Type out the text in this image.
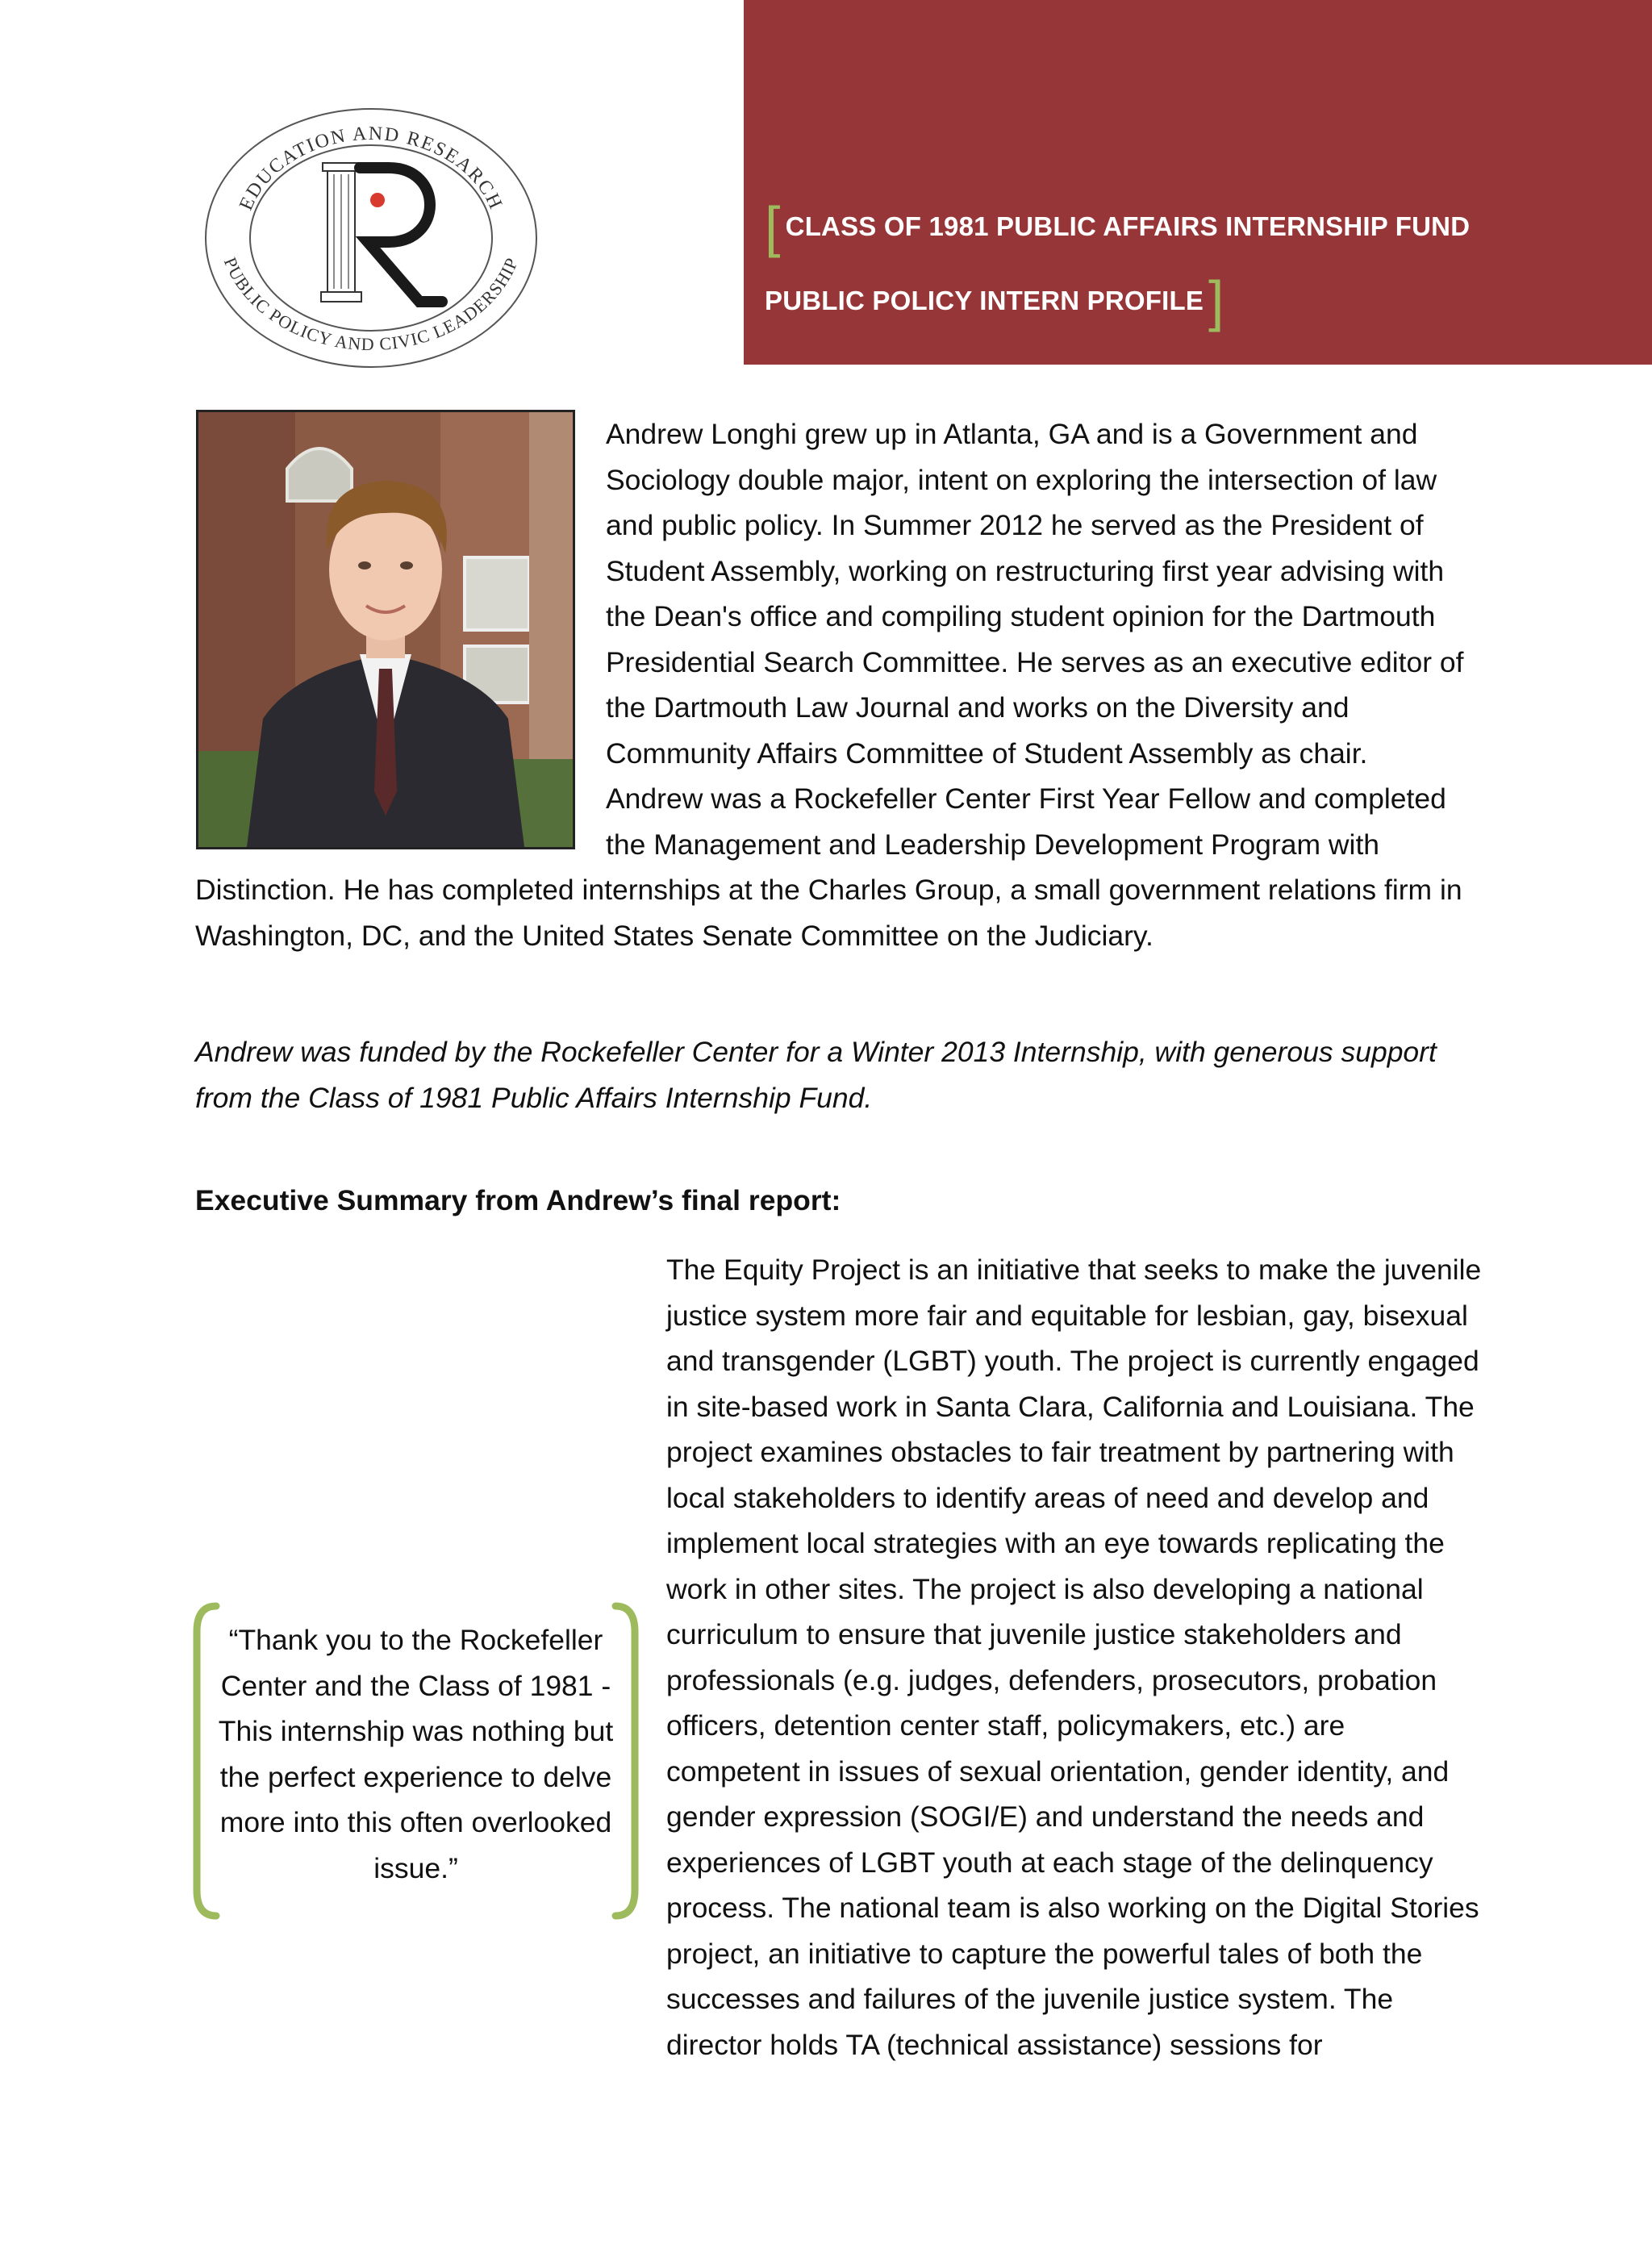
EDUCATION AND RESEARCH
PUBLIC POLICY AND CIVIC LEADERSHIP
[ CLASS OF 1981 PUBLIC AFFAIRS INTERNSHIP FUND
PUBLIC POLICY INTERN PROFILE ]

Andrew Longhi grew up in Atlanta, GA and is a Government and Sociology double major, intent on exploring the intersection of law and public policy. In Summer 2012 he served as the President of Student Assembly, working on restructuring first year advising with the Dean's office and compiling student opinion for the Dartmouth Presidential Search Committee. He serves as an executive editor of the Dartmouth Law Journal and works on the Diversity and Community Affairs Committee of Student Assembly as chair. Andrew was a Rockefeller Center First Year Fellow and completed the Management and Leadership Development Program with Distinction. He has completed internships at the Charles Group, a small government relations firm in Washington, DC, and the United States Senate Committee on the Judiciary.

Andrew was funded by the Rockefeller Center for a Winter 2013 Internship, with generous support from the Class of 1981 Public Affairs Internship Fund.

Executive Summary from Andrew’s final report:

The Equity Project is an initiative that seeks to make the juvenile justice system more fair and equitable for lesbian, gay, bisexual and transgender (LGBT) youth. The project is currently engaged in site-based work in Santa Clara, California and Louisiana. The project examines obstacles to fair treatment by partnering with local stakeholders to identify areas of need and develop and implement local strategies with an eye towards replicating the work in other sites. The project is also developing a national curriculum to ensure that juvenile justice stakeholders and professionals (e.g. judges, defenders, prosecutors, probation officers, detention center staff, policymakers, etc.) are competent in issues of sexual orientation, gender identity, and gender expression (SOGI/E) and understand the needs and experiences of LGBT youth at each stage of the delinquency process. The national team is also working on the Digital Stories project, an initiative to capture the powerful tales of both the successes and failures of the juvenile justice system. The director holds TA (technical assistance) sessions for

“Thank you to the Rockefeller Center and the Class of 1981 - This internship was nothing but the perfect experience to delve more into this often overlooked issue.”
